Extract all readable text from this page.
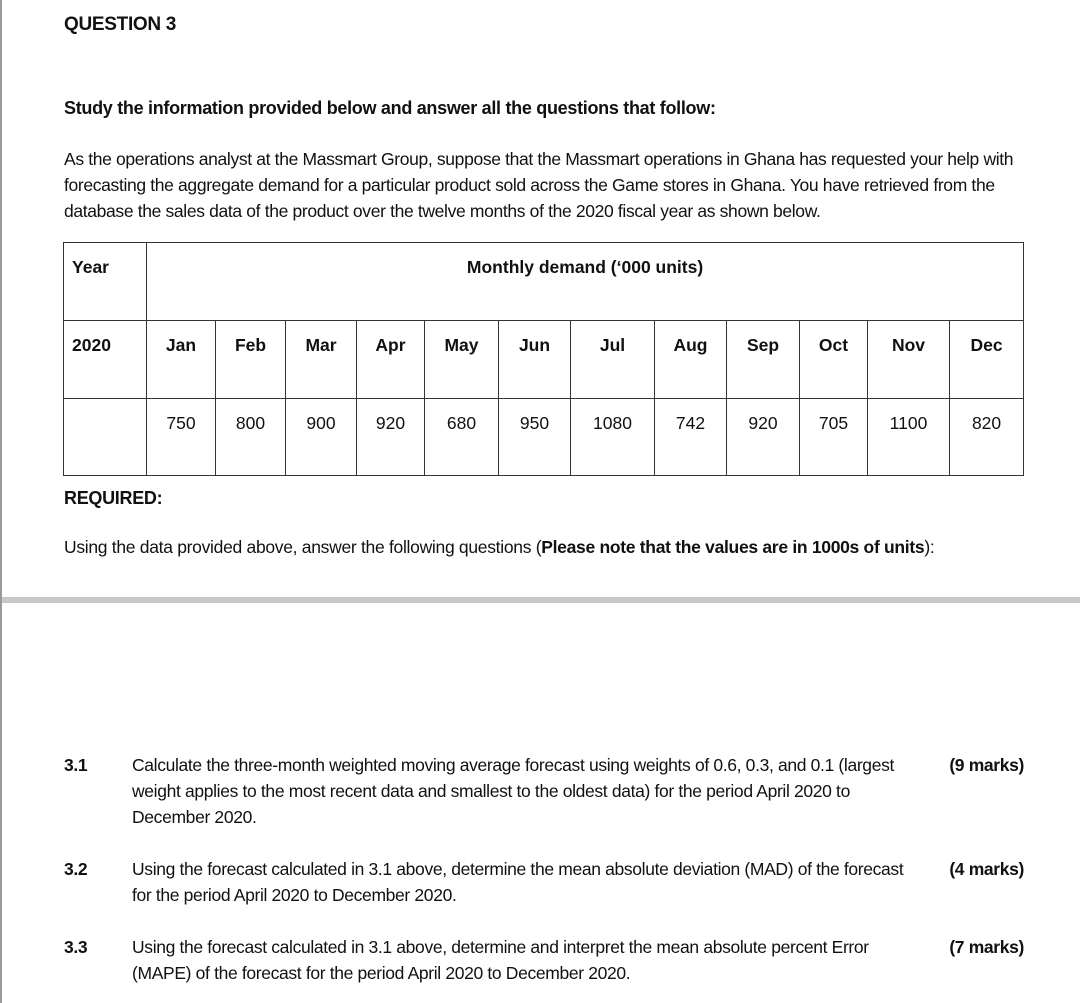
QUESTION 3
Study the information provided below and answer all the questions that follow:
As the operations analyst at the Massmart Group, suppose that the Massmart operations in Ghana has requested your help with forecasting the aggregate demand for a particular product sold across the Game stores in Ghana. You have retrieved from the database the sales data of the product over the twelve months of the 2020 fiscal year as shown below.
Year	Monthly demand (‘000 units)											
2020	Jan	Feb	Mar	Apr	May	Jun	Jul	Aug	Sep	Oct	Nov	Dec
	750	800	900	920	680	950	1080	742	920	705	1100	820
REQUIRED:
Using the data provided above, answer the following questions (Please note that the values are in 1000s of units):
3.1	Calculate the three-month weighted moving average forecast using weights of 0.6, 0.3, and 0.1 (largest weight applies to the most recent data and smallest to the oldest data) for the period April 2020 to December 2020.
(9 marks)
3.2	Using the forecast calculated in 3.1 above, determine the mean absolute deviation (MAD) of the forecast for the period April 2020 to December 2020.
(4 marks)
3.3	Using the forecast calculated in 3.1 above, determine and interpret the mean absolute percent Error (MAPE) of the forecast for the period April 2020 to December 2020.
(7 marks)
